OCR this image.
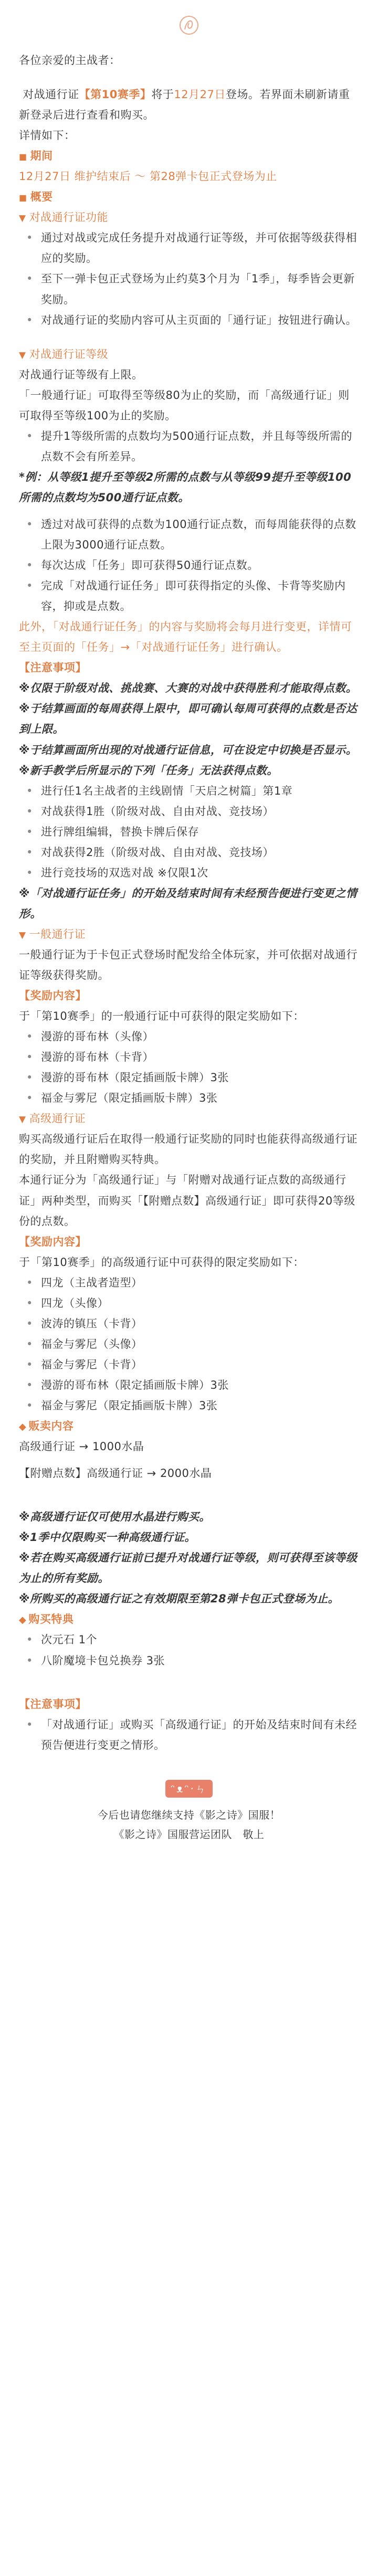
各位亲爱的主战者：

对战通行证【第10赛季】将于12月27日登场。若界面未刷新请重新登录后进行查看和购买。

详情如下：

■ 期间

12月27日 维护结束后 ～ 第28弹卡包正式登场为止

■ 概要

▼ 对战通行证功能

• 通过对战或完成任务提升对战通行证等级，并可依据等级获得相应的奖励。
• 至下一弹卡包正式登场为止约莫3个月为「1季」，每季皆会更新奖励。
• 对战通行证的奖励内容可从主页面的「通行证」按钮进行确认。

▼ 对战通行证等级

对战通行证等级有上限。

「一般通行证」可取得至等级80为止的奖励，而「高级通行证」则可取得至等级100为止的奖励。

• 提升1等级所需的点数均为500通行证点数，并且每等级所需的点数不会有所差异。

*例：从等级1提升至等级2所需的点数与从等级99提升至等级100所需的点数均为500通行证点数。

• 透过对战可获得的点数为100通行证点数，而每周能获得的点数上限为3000通行证点数。
• 每次达成「任务」即可获得50通行证点数。
• 完成「对战通行证任务」即可获得指定的头像、卡背等奖励内容，抑或是点数。

此外，「对战通行证任务」的内容与奖励将会每月进行变更，详情可至主页面的「任务」→「对战通行证任务」进行确认。

【注意事项】

※仅限于阶级对战、挑战赛、大赛的对战中获得胜利才能取得点数。

※于结算画面的每周获得上限中，即可确认每周可获得的点数是否达到上限。

※于结算画面所出现的对战通行证信息，可在设定中切换是否显示。

※新手教学后所显示的下列「任务」无法获得点数。

• 进行任1名主战者的主线剧情「天启之树篇」第1章
• 对战获得1胜（阶级对战、自由对战、竞技场）
• 进行牌组编辑，替换卡牌后保存
• 对战获得2胜（阶级对战、自由对战、竞技场）
• 进行竞技场的双选对战 ※仅限1次

※「对战通行证任务」的开始及结束时间有未经预告便进行变更之情形。

▼ 一般通行证

一般通行证为于卡包正式登场时配发给全体玩家，并可依据对战通行证等级获得奖励。

【奖励内容】

于「第10赛季」的一般通行证中可获得的限定奖励如下：

• 漫游的哥布林（头像）
• 漫游的哥布林（卡背）
• 漫游的哥布林（限定插画版卡牌）3张
• 福金与雾尼（限定插画版卡牌）3张

▼ 高级通行证

购买高级通行证后在取得一般通行证奖励的同时也能获得高级通行证的奖励，并且附赠购买特典。

本通行证分为「高级通行证」与「附赠对战通行证点数的高级通行证」两种类型，而购买「【附赠点数】高级通行证」即可获得20等级份的点数。

【奖励内容】

于「第10赛季」的高级通行证中可获得的限定奖励如下：

• 四龙（主战者造型）
• 四龙（头像）
• 波涛的镇压（卡背）
• 福金与雾尼（头像）
• 福金与雾尼（卡背）
• 漫游的哥布林（限定插画版卡牌）3张
• 福金与雾尼（限定插画版卡牌）3张

◆ 贩卖内容

高级通行证 → 1000水晶

【附赠点数】高级通行证 → 2000水晶

※高级通行证仅可使用水晶进行购买。

※1季中仅限购买一种高级通行证。

※若在购买高级通行证前已提升对战通行证等级，则可获得至该等级为止的所有奖励。

※所购买的高级通行证之有效期限至第28弹卡包正式登场为止。

◆ 购买特典

• 次元石 1个
• 八阶魔境卡包兑换券 3张

【注意事项】

• 「对战通行证」或购买「高级通行证」的开始及结束时间有未经预告便进行变更之情形。
ᵔᴥᵔ·ㄣ

今后也请您继续支持《影之诗》国服！

《影之诗》国服营运团队　敬上
